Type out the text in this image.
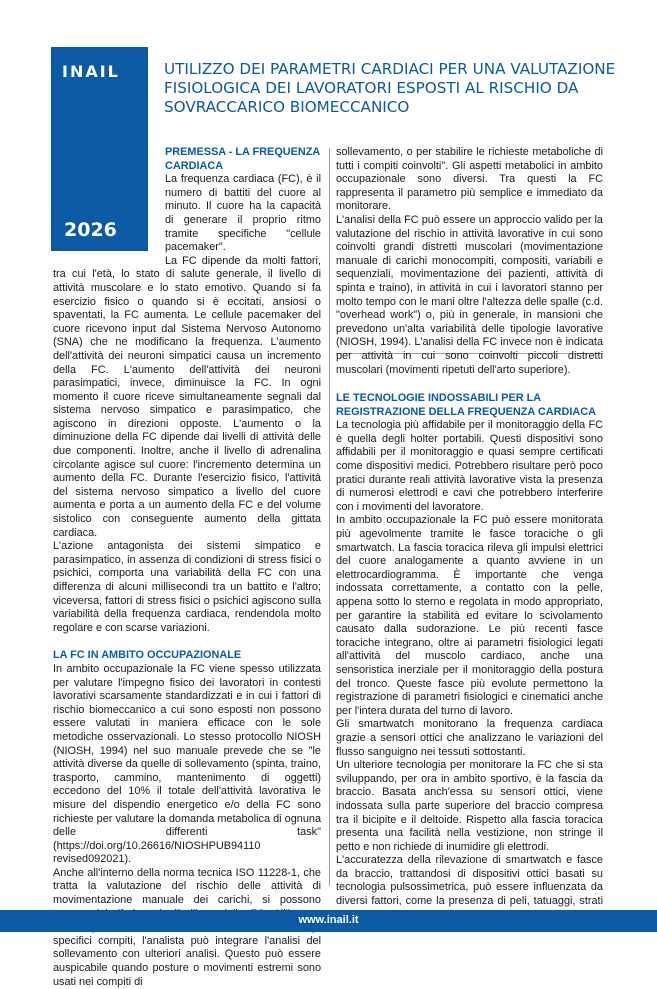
INAIL
2026
UTILIZZO DEI PARAMETRI CARDIACI PER UNA VALUTAZIONE FISIOLOGICA DEI LAVORATORI ESPOSTI AL RISCHIO DA SOVRACCARICO BIOMECCANICO
PREMESSA - LA FREQUENZA CARDIACA

La frequenza cardiaca (FC), è il numero di battiti del cuore al minuto. Il cuore ha la capacità di generare il proprio ritmo tramite specifiche "cellule pacemaker".

La FC dipende da molti fattori, tra cui l'età, lo stato di salute generale, il livello di attività muscolare e lo stato emotivo. Quando si fa esercizio fisico o quando si è eccitati, ansiosi o spaventati, la FC aumenta. Le cellule pacemaker del cuore ricevono input dal Sistema Nervoso Autonomo (SNA) che ne modificano la frequenza. L'aumento dell'attività dei neuroni simpatici causa un incremento della FC. L'aumento dell'attività dei neuroni parasimpatici, invece, diminuisce la FC. In ogni momento il cuore riceve simultaneamente segnali dal sistema nervoso simpatico e parasimpatico, che agiscono in direzioni opposte. L'aumento o la diminuzione della FC dipende dai livelli di attività delle due componenti. Inoltre, anche il livello di adrenalina circolante agisce sul cuore: l'incremento determina un aumento della FC. Durante l'esercizio fisico, l'attività del sistema nervoso simpatico a livello del cuore aumenta e porta a un aumento della FC e del volume sistolico con conseguente aumento della gittata cardiaca.

L'azione antagonista dei sistemi simpatico e parasimpatico, in assenza di condizioni di stress fisici o psichici, comporta una variabilità della FC con una differenza di alcuni millisecondi tra un battito e l'altro; viceversa, fattori di stress fisici o psichici agiscono sulla variabilità della frequenza cardiaca, rendendola molto regolare e con scarse variazioni.

LA FC IN AMBITO OCCUPAZIONALE

In ambito occupazionale la FC viene spesso utilizzata per valutare l'impegno fisico dei lavoratori in contesti lavorativi scarsamente standardizzati e in cui i fattori di rischio biomeccanico a cui sono esposti non possono essere valutati in maniera efficace con le sole metodiche osservazionali. Lo stesso protocollo NIOSH (NIOSH, 1994) nel suo manuale prevede che se "le attività diverse da quelle di sollevamento (spinta, traino, trasporto, cammino, mantenimento di oggetti) eccedono del 10% il totale dell'attività lavorativa le misure del dispendio energetico e/o della FC sono richieste per valutare la domanda metabolica di ognuna delle differenti task" (https://doi.org/10.26616/NIOSHPUB94110 revised092021).

Anche all'interno della norma tecnica ISO 11228-1, che tratta la valutazione del rischio delle attività di movimentazione manuale dei carichi, si possono specifici compiti, l'analista può integrare l'analisi del sollevamento con ulteriori analisi. Questo può essere auspicabile quando posture o movimenti estremi sono usati nei compiti di

sollevamento, o per stabilire le richieste metaboliche di tutti i compiti coinvolti". Gli aspetti metabolici in ambito occupazionale sono diversi. Tra questi la FC rappresenta il parametro più semplice e immediato da monitorare.

L'analisi della FC può essere un approccio valido per la valutazione del rischio in attività lavorative in cui sono coinvolti grandi distretti muscolari (movimentazione manuale di carichi monocompiti, compositi, variabili e sequenziali, movimentazione dei pazienti, attività di spinta e traino), in attività in cui i lavoratori stanno per molto tempo con le mani oltre l'altezza delle spalle (c.d. "overhead work") o, più in generale, in mansioni che prevedono un'alta variabilità delle tipologie lavorative (NIOSH, 1994). L'analisi della FC invece non è indicata per attività in cui sono coinvolti piccoli distretti muscolari (movimenti ripetuti dell'arto superiore).

LE TECNOLOGIE INDOSSABILI PER LA REGISTRAZIONE DELLA FREQUENZA CARDIACA

La tecnologia più affidabile per il monitoraggio della FC è quella degli holter portabili. Questi dispositivi sono affidabili per il monitoraggio e quasi sempre certificati come dispositivi medici. Potrebbero risultare però poco pratici durante reali attività lavorative vista la presenza di numerosi elettrodi e cavi che potrebbero interferire con i movimenti del lavoratore.

In ambito occupazionale la FC può essere monitorata più agevolmente tramite le fasce toraciche o gli smartwatch. La fascia toracica rileva gli impulsi elettrici del cuore analogamente a quanto avviene in un elettrocardiogramma. È importante che venga indossata correttamente, a contatto con la pelle, appena sotto lo sterno e regolata in modo appropriato, per garantire la stabilità ed evitare lo scivolamento causato dalla sudorazione. Le più recenti fasce toraciche integrano, oltre ai parametri fisiologici legati all'attività del muscolo cardiaco, anche una sensoristica inerziale per il monitoraggio della postura del tronco. Queste fasce più evolute permettono la registrazione di parametri fisiologici e cinematici anche per l'intera durata del turno di lavoro.

Gli smartwatch monitorano la frequenza cardiaca grazie a sensori ottici che analizzano le variazioni del flusso sanguigno nei tessuti sottostanti.

Un ulteriore tecnologia per monitorare la FC che si sta sviluppando, per ora in ambito sportivo, è la fascia da braccio. Basata anch'essa su sensori ottici, viene indossata sulla parte superiore del braccio compresa tra il bicipite e il deltoide. Rispetto alla fascia toracica presenta una facilità nella vestizione, non stringe il petto e non richiede di inumidire gli elettrodi.

L'accuratezza della rilevazione di smartwatch e fasce da braccio, trattandosi di dispositivi ottici basati su tecnologia pulsossimetrica, può essere influenzata da diversi fattori, come la presenza di peli, tatuaggi, strati

www.inail.it
